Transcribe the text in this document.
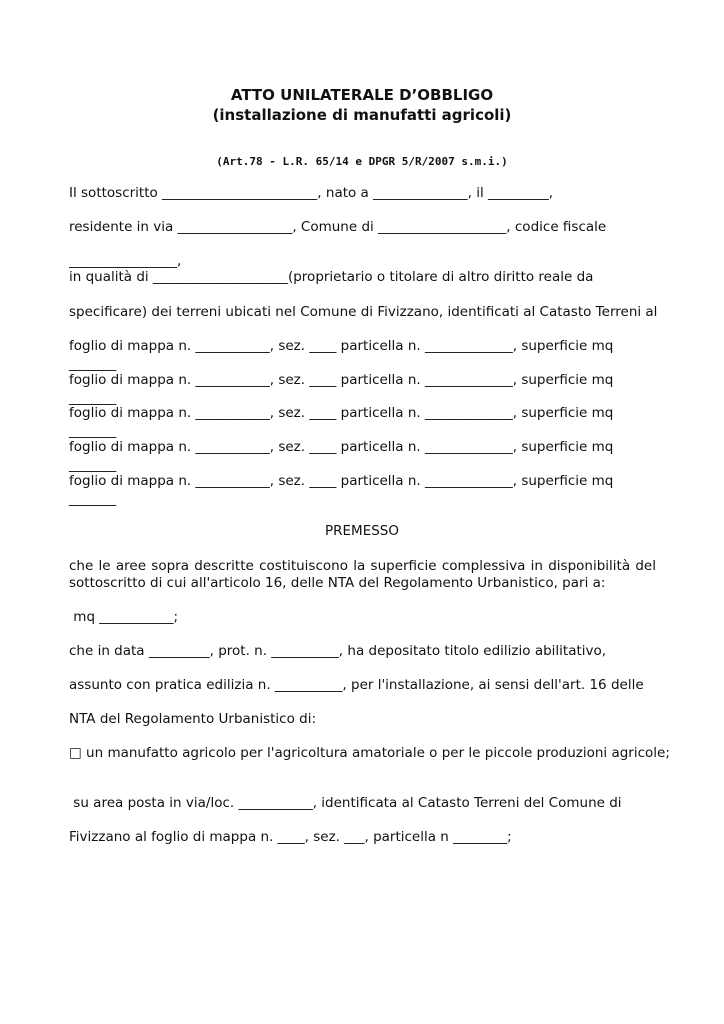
ATTO UNILATERALE D’OBBLIGO
(installazione di manufatti agricoli)
(Art.78 - L.R. 65/14 e DPGR 5/R/2007 s.m.i.)
Il sottoscritto _______________________, nato a ______________, il _________,
residente in via _________________, Comune di ___________________, codice fiscale
________________,
in qualità di ____________________(proprietario o titolare di altro diritto reale da
specificare) dei terreni ubicati nel Comune di Fivizzano, identificati al Catasto Terreni al
foglio di mappa n. ___________, sez. ____ particella n. _____________, superficie mq
_______
foglio di mappa n. ___________, sez. ____ particella n. _____________, superficie mq
_______
foglio di mappa n. ___________, sez. ____ particella n. _____________, superficie mq
_______
foglio di mappa n. ___________, sez. ____ particella n. _____________, superficie mq
_______
foglio di mappa n. ___________, sez. ____ particella n. _____________, superficie mq
_______
PREMESSO
che le aree sopra descritte costituiscono la superficie complessiva in disponibilità del
sottoscritto di cui all'articolo 16, delle NTA del Regolamento Urbanistico, pari a:
mq ___________;
che in data _________, prot. n. __________, ha depositato titolo edilizio abilitativo,
assunto con pratica edilizia n. __________, per l'installazione, ai sensi dell'art. 16 delle
NTA del Regolamento Urbanistico di:
□ un manufatto agricolo per l'agricoltura amatoriale o per le piccole produzioni agricole;
su area posta in via/loc. ___________, identificata al Catasto Terreni del Comune di
Fivizzano al foglio di mappa n. ____, sez. ___, particella n ________;
